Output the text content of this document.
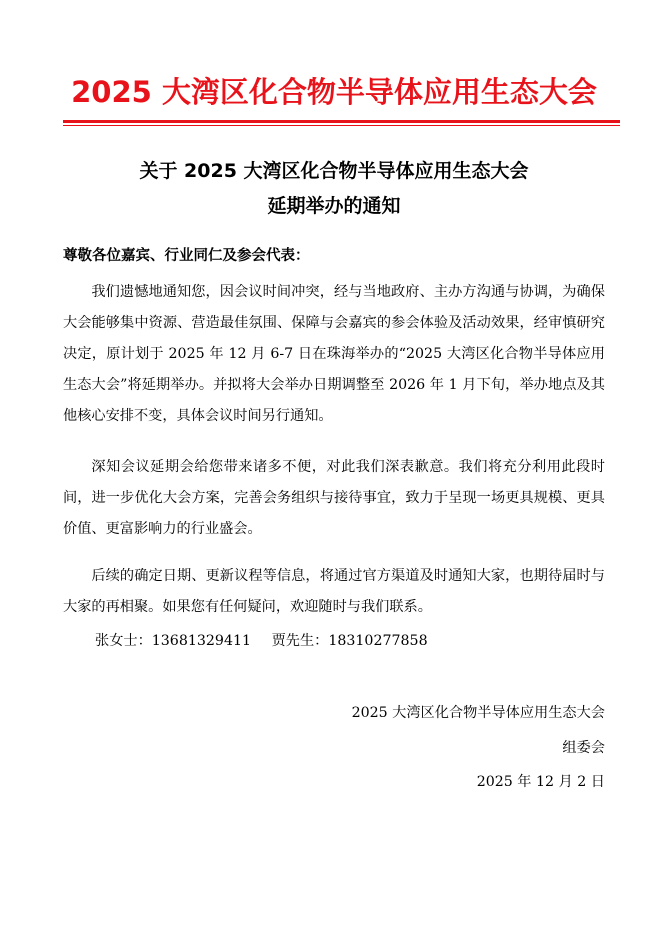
2025 大湾区化合物半导体应用生态大会
关于 2025 大湾区化合物半导体应用生态大会
延期举办的通知
尊敬各位嘉宾、行业同仁及参会代表：

我们遗憾地通知您，因会议时间冲突，经与当地政府、主办方沟通与协调，为确保大会能够集中资源、营造最佳氛围、保障与会嘉宾的参会体验及活动效果，经审慎研究决定，原计划于 2025 年 12 月 6-7 日在珠海举办的“2025 大湾区化合物半导体应用生态大会”将延期举办。并拟将大会举办日期调整至 2026 年 1 月下旬，举办地点及其他核心安排不变，具体会议时间另行通知。

深知会议延期会给您带来诸多不便，对此我们深表歉意。我们将充分利用此段时间，进一步优化大会方案，完善会务组织与接待事宜，致力于呈现一场更具规模、更具价值、更富影响力的行业盛会。

后续的确定日期、更新议程等信息，将通过官方渠道及时通知大家，也期待届时与大家的再相聚。如果您有任何疑问，欢迎随时与我们联系。

张女士：13681329411 贾先生：18310277858
2025 大湾区化合物半导体应用生态大会
组委会
2025 年 12 月 2 日
